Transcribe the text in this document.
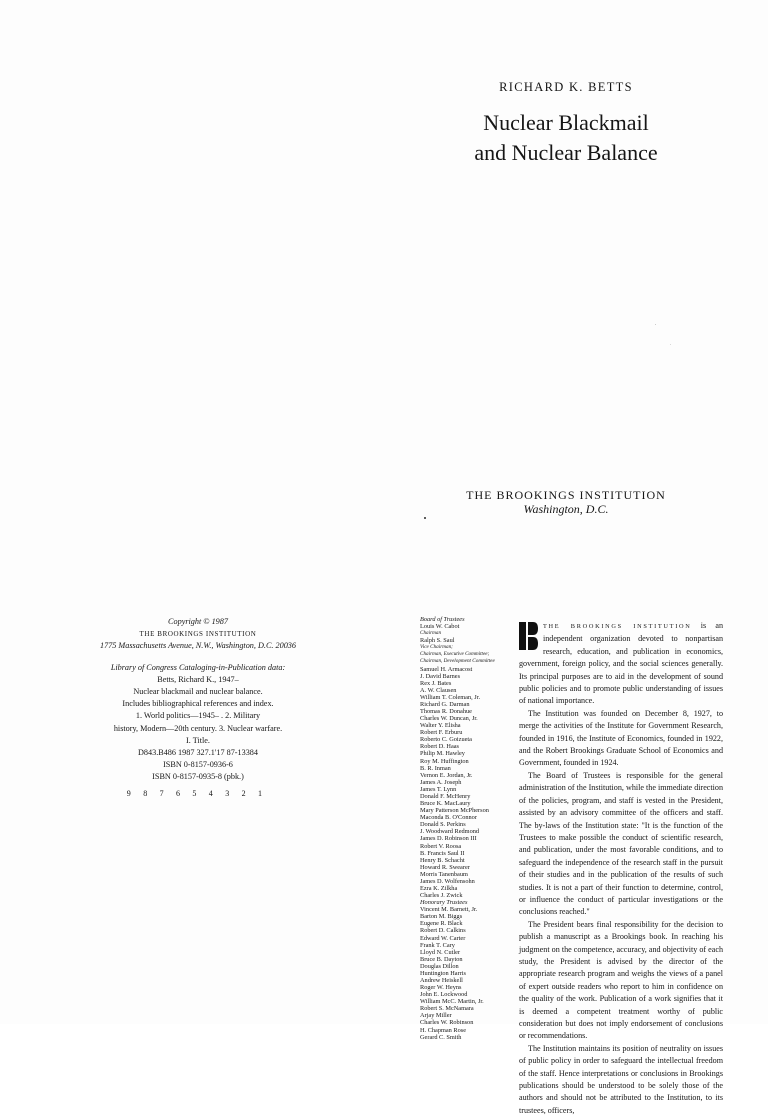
RICHARD K. BETTS
Nuclear Blackmail
and Nuclear Balance
THE BROOKINGS INSTITUTION
Washington, D.C.
Copyright © 1987
THE BROOKINGS INSTITUTION
1775 Massachusetts Avenue, N.W., Washington, D.C. 20036
Library of Congress Cataloging-in-Publication data:
Betts, Richard K., 1947–
Nuclear blackmail and nuclear balance.
Includes bibliographical references and index.
1. World politics—1945– . 2. Military
history, Modern—20th century. 3. Nuclear warfare.
I. Title.
D843.B486 1987 327.1'17 87-13384
ISBN 0-8157-0936-6
ISBN 0-8157-0935-8 (pbk.)
9 8 7 6 5 4 3 2 1
Board of Trustees
Louis W. Cabot
Chairman
Ralph S. Saul
Vice Chairman;
Chairman, Executive Committee;
Chairman, Development Committee
Samuel H. Armacost
J. David Barnes
Rex J. Bates
A. W. Clausen
William T. Coleman, Jr.
Richard G. Darman
Thomas R. Donahue
Charles W. Duncan, Jr.
Walter Y. Elisha
Robert F. Erburu
Roberto C. Goizueta
Robert D. Haas
Philip M. Hawley
Roy M. Huffington
B. R. Inman
Vernon E. Jordan, Jr.
James A. Joseph
James T. Lynn
Donald F. McHenry
Bruce K. MacLaury
Mary Patterson McPherson
Maconda B. O'Connor
Donald S. Perkins
J. Woodward Redmond
James D. Robinson III
Robert V. Roosa
B. Francis Saul II
Henry B. Schacht
Howard R. Swearer
Morris Tanenbaum
James D. Wolfensohn
Ezra K. Zilkha
Charles J. Zwick
Honorary Trustees
Vincent M. Barnett, Jr.
Barton M. Biggs
Eugene R. Black
Robert D. Calkins
Edward W. Carter
Frank T. Cary
Lloyd N. Cutler
Bruce B. Dayton
Douglas Dillon
Huntington Harris
Andrew Heiskell
Roger W. Heyns
John E. Lockwood
William McC. Martin, Jr.
Robert S. McNamara
Arjay Miller
Charles W. Robinson
H. Chapman Rose
Gerard C. Smith

THE BROOKINGS INSTITUTION is an independent organization devoted to nonpartisan research, education, and publication in economics, government, foreign policy, and the social sciences generally. Its principal purposes are to aid in the development of sound public policies and to promote public understanding of issues of national importance.

The Institution was founded on December 8, 1927, to merge the activities of the Institute for Government Research, founded in 1916, the Institute of Economics, founded in 1922, and the Robert Brookings Graduate School of Economics and Government, founded in 1924.

The Board of Trustees is responsible for the general administration of the Institution, while the immediate direction of the policies, program, and staff is vested in the President, assisted by an advisory committee of the officers and staff. The by-laws of the Institution state: "It is the function of the Trustees to make possible the conduct of scientific research, and publication, under the most favorable conditions, and to safeguard the independence of the research staff in the pursuit of their studies and in the publication of the results of such studies. It is not a part of their function to determine, control, or influence the conduct of particular investigations or the conclusions reached."

The President bears final responsibility for the decision to publish a manuscript as a Brookings book. In reaching his judgment on the competence, accuracy, and objectivity of each study, the President is advised by the director of the appropriate research program and weighs the views of a panel of expert outside readers who report to him in confidence on the quality of the work. Publication of a work signifies that it is deemed a competent treatment worthy of public consideration but does not imply endorsement of conclusions or recommendations.

The Institution maintains its position of neutrality on issues of public policy in order to safeguard the intellectual freedom of the staff. Hence interpretations or conclusions in Brookings publications should be understood to be solely those of the authors and should not be attributed to the Institution, to its trustees, officers,
